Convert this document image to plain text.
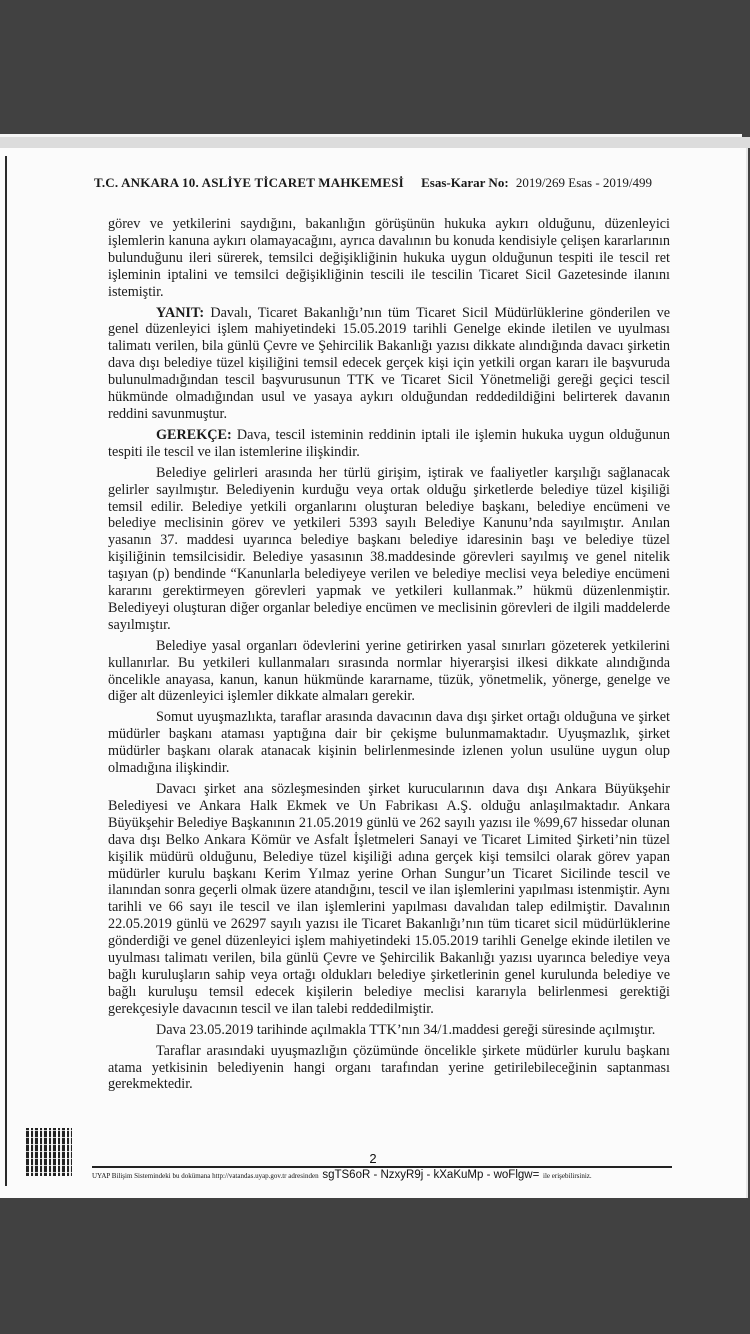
T.C. ANKARA 10. ASLİYE TİCARET MAHKEMESİ Esas-Karar No: 2019/269 Esas - 2019/499

görev ve yetkilerini saydığını, bakanlığın görüşünün hukuka aykırı olduğunu, düzenleyici işlemlerin kanuna aykırı olamayacağını, ayrıca davalının bu konuda kendisiyle çelişen kararlarının bulunduğunu ileri sürerek, temsilci değişikliğinin hukuka uygun olduğunun tespiti ile tescil ret işleminin iptalini ve temsilci değişikliğinin tescili ile tescilin Ticaret Sicil Gazetesinde ilanını istemiştir.

YANIT: Davalı, Ticaret Bakanlığı’nın tüm Ticaret Sicil Müdürlüklerine gönderilen ve genel düzenleyici işlem mahiyetindeki 15.05.2019 tarihli Genelge ekinde iletilen ve uyulması talimatı verilen, bila günlü Çevre ve Şehircilik Bakanlığı yazısı dikkate alındığında davacı şirketin dava dışı belediye tüzel kişiliğini temsil edecek gerçek kişi için yetkili organ kararı ile başvuruda bulunulmadığından tescil başvurusunun TTK ve Ticaret Sicil Yönetmeliği gereği geçici tescil hükmünde olmadığından usul ve yasaya aykırı olduğundan reddedildiğini belirterek davanın reddini savunmuştur.

GEREKÇE: Dava, tescil isteminin reddinin iptali ile işlemin hukuka uygun olduğunun tespiti ile tescil ve ilan istemlerine ilişkindir.

Belediye gelirleri arasında her türlü girişim, iştirak ve faaliyetler karşılığı sağlanacak gelirler sayılmıştır. Belediyenin kurduğu veya ortak olduğu şirketlerde belediye tüzel kişiliği temsil edilir. Belediye yetkili organlarını oluşturan belediye başkanı, belediye encümeni ve belediye meclisinin görev ve yetkileri 5393 sayılı Belediye Kanunu’nda sayılmıştır. Anılan yasanın 37. maddesi uyarınca belediye başkanı belediye idaresinin başı ve belediye tüzel kişiliğinin temsilcisidir. Belediye yasasının 38.maddesinde görevleri sayılmış ve genel nitelik taşıyan (p) bendinde “Kanunlarla belediyeye verilen ve belediye meclisi veya belediye encümeni kararını gerektirmeyen görevleri yapmak ve yetkileri kullanmak.” hükmü düzenlenmiştir. Belediyeyi oluşturan diğer organlar belediye encümen ve meclisinin görevleri de ilgili maddelerde sayılmıştır.

Belediye yasal organları ödevlerini yerine getirirken yasal sınırları gözeterek yetkilerini kullanırlar. Bu yetkileri kullanmaları sırasında normlar hiyerarşisi ilkesi dikkate alındığında öncelikle anayasa, kanun, kanun hükmünde kararname, tüzük, yönetmelik, yönerge, genelge ve diğer alt düzenleyici işlemler dikkate almaları gerekir.

Somut uyuşmazlıkta, taraflar arasında davacının dava dışı şirket ortağı olduğuna ve şirket müdürler başkanı ataması yaptığına dair bir çekişme bulunmamaktadır. Uyuşmazlık, şirket müdürler başkanı olarak atanacak kişinin belirlenmesinde izlenen yolun usulüne uygun olup olmadığına ilişkindir.

Davacı şirket ana sözleşmesinden şirket kurucularının dava dışı Ankara Büyükşehir Belediyesi ve Ankara Halk Ekmek ve Un Fabrikası A.Ş. olduğu anlaşılmaktadır. Ankara Büyükşehir Belediye Başkanının 21.05.2019 günlü ve 262 sayılı yazısı ile %99,67 hissedar olunan dava dışı Belko Ankara Kömür ve Asfalt İşletmeleri Sanayi ve Ticaret Limited Şirketi’nin tüzel kişilik müdürü olduğunu, Belediye tüzel kişiliği adına gerçek kişi temsilci olarak görev yapan müdürler kurulu başkanı Kerim Yılmaz yerine Orhan Sungur’un Ticaret Sicilinde tescil ve ilanından sonra geçerli olmak üzere atandığını, tescil ve ilan işlemlerini yapılması istenmiştir. Aynı tarihli ve 66 sayı ile tescil ve ilan işlemlerini yapılması davalıdan talep edilmiştir. Davalının 22.05.2019 günlü ve 26297 sayılı yazısı ile Ticaret Bakanlığı’nın tüm ticaret sicil müdürlüklerine gönderdiği ve genel düzenleyici işlem mahiyetindeki 15.05.2019 tarihli Genelge ekinde iletilen ve uyulması talimatı verilen, bila günlü Çevre ve Şehircilik Bakanlığı yazısı uyarınca belediye veya bağlı kuruluşların sahip veya ortağı oldukları belediye şirketlerinin genel kurulunda belediye ve bağlı kuruluşu temsil edecek kişilerin belediye meclisi kararıyla belirlenmesi gerektiği gerekçesiyle davacının tescil ve ilan talebi reddedilmiştir.

Dava 23.05.2019 tarihinde açılmakla TTK’nın 34/1.maddesi gereği süresinde açılmıştır.

Taraflar arasındaki uyuşmazlığın çözümünde öncelikle şirkete müdürler kurulu başkanı atama yetkisinin belediyenin hangi organı tarafından yerine getirilebileceğinin saptanması gerekmektedir.

2
UYAP Bilişim Sistemindeki bu dokümana http://vatandas.uyap.gov.tr adresinden sgTS6oR - NzxyR9j - kXaKuMp - woFlgw= ile erişebilirsiniz.
